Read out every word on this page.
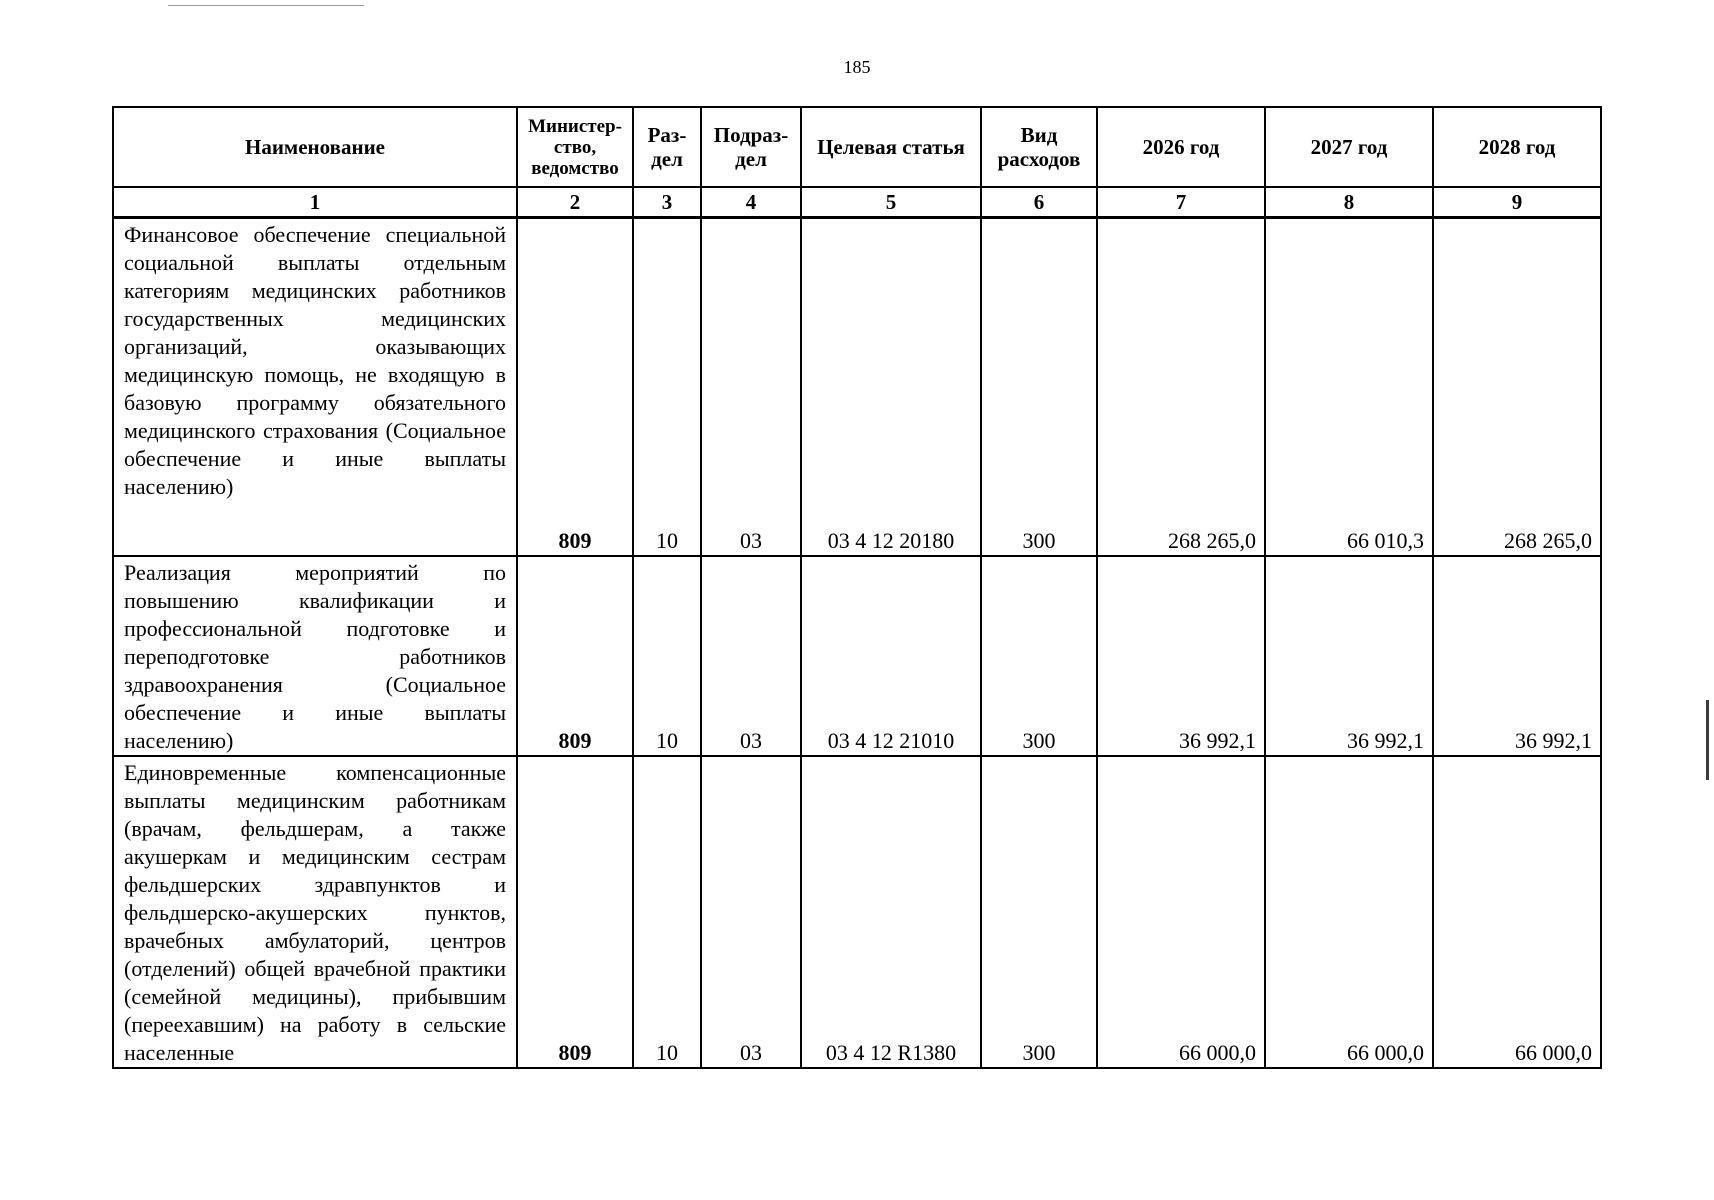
185
Наименование	Министер-ство, ведомство	Раз-дел	Подраз-дел	Целевая статья	Вид расходов	2026 год	2027 год	2028 год
1	2	3	4	5	6	7	8	9
Финансовое обеспечение специальной социальной выплаты отдельным категориям медицинских работников государственных медицинских организаций, оказывающих медицинскую помощь, не входящую в базовую программу обязательного медицинского страхования (Социальное обеспечение и иные выплаты населению)	809	10	03	03 4 12 20180	300	268 265,0	66 010,3	268 265,0
Реализация мероприятий по повышению квалификации и профессиональной подготовке и переподготовке работников здравоохранения (Социальное обеспечение и иные выплаты населению)	809	10	03	03 4 12 21010	300	36 992,1	36 992,1	36 992,1
Единовременные компенсационные выплаты медицинским работникам (врачам, фельдшерам, а также акушеркам и медицинским сестрам фельдшерских здравпунктов и фельдшерско-акушерских пунктов, врачебных амбулаторий, центров (отделений) общей врачебной практики (семейной медицины), прибывшим (переехавшим) на работу в сельские населенные	809	10	03	03 4 12 R1380	300	66 000,0	66 000,0	66 000,0
